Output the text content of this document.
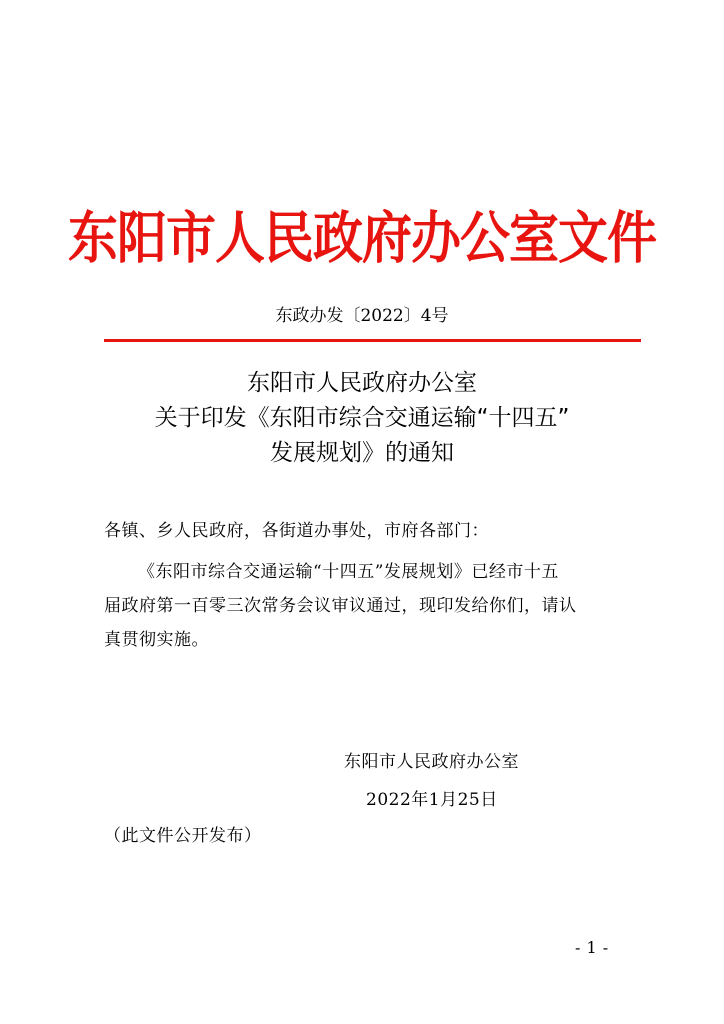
东阳市人民政府办公室文件
东政办发〔2022〕4号
东阳市人民政府办公室
关于印发《东阳市综合交通运输“十四五”
发展规划》的通知
各镇、乡人民政府，各街道办事处，市府各部门：
《东阳市综合交通运输“十四五”发展规划》已经市十五
届政府第一百零三次常务会议审议通过，现印发给你们，请认
真贯彻实施。
东阳市人民政府办公室
2022年1月25日
（此文件公开发布）
- 1 -
